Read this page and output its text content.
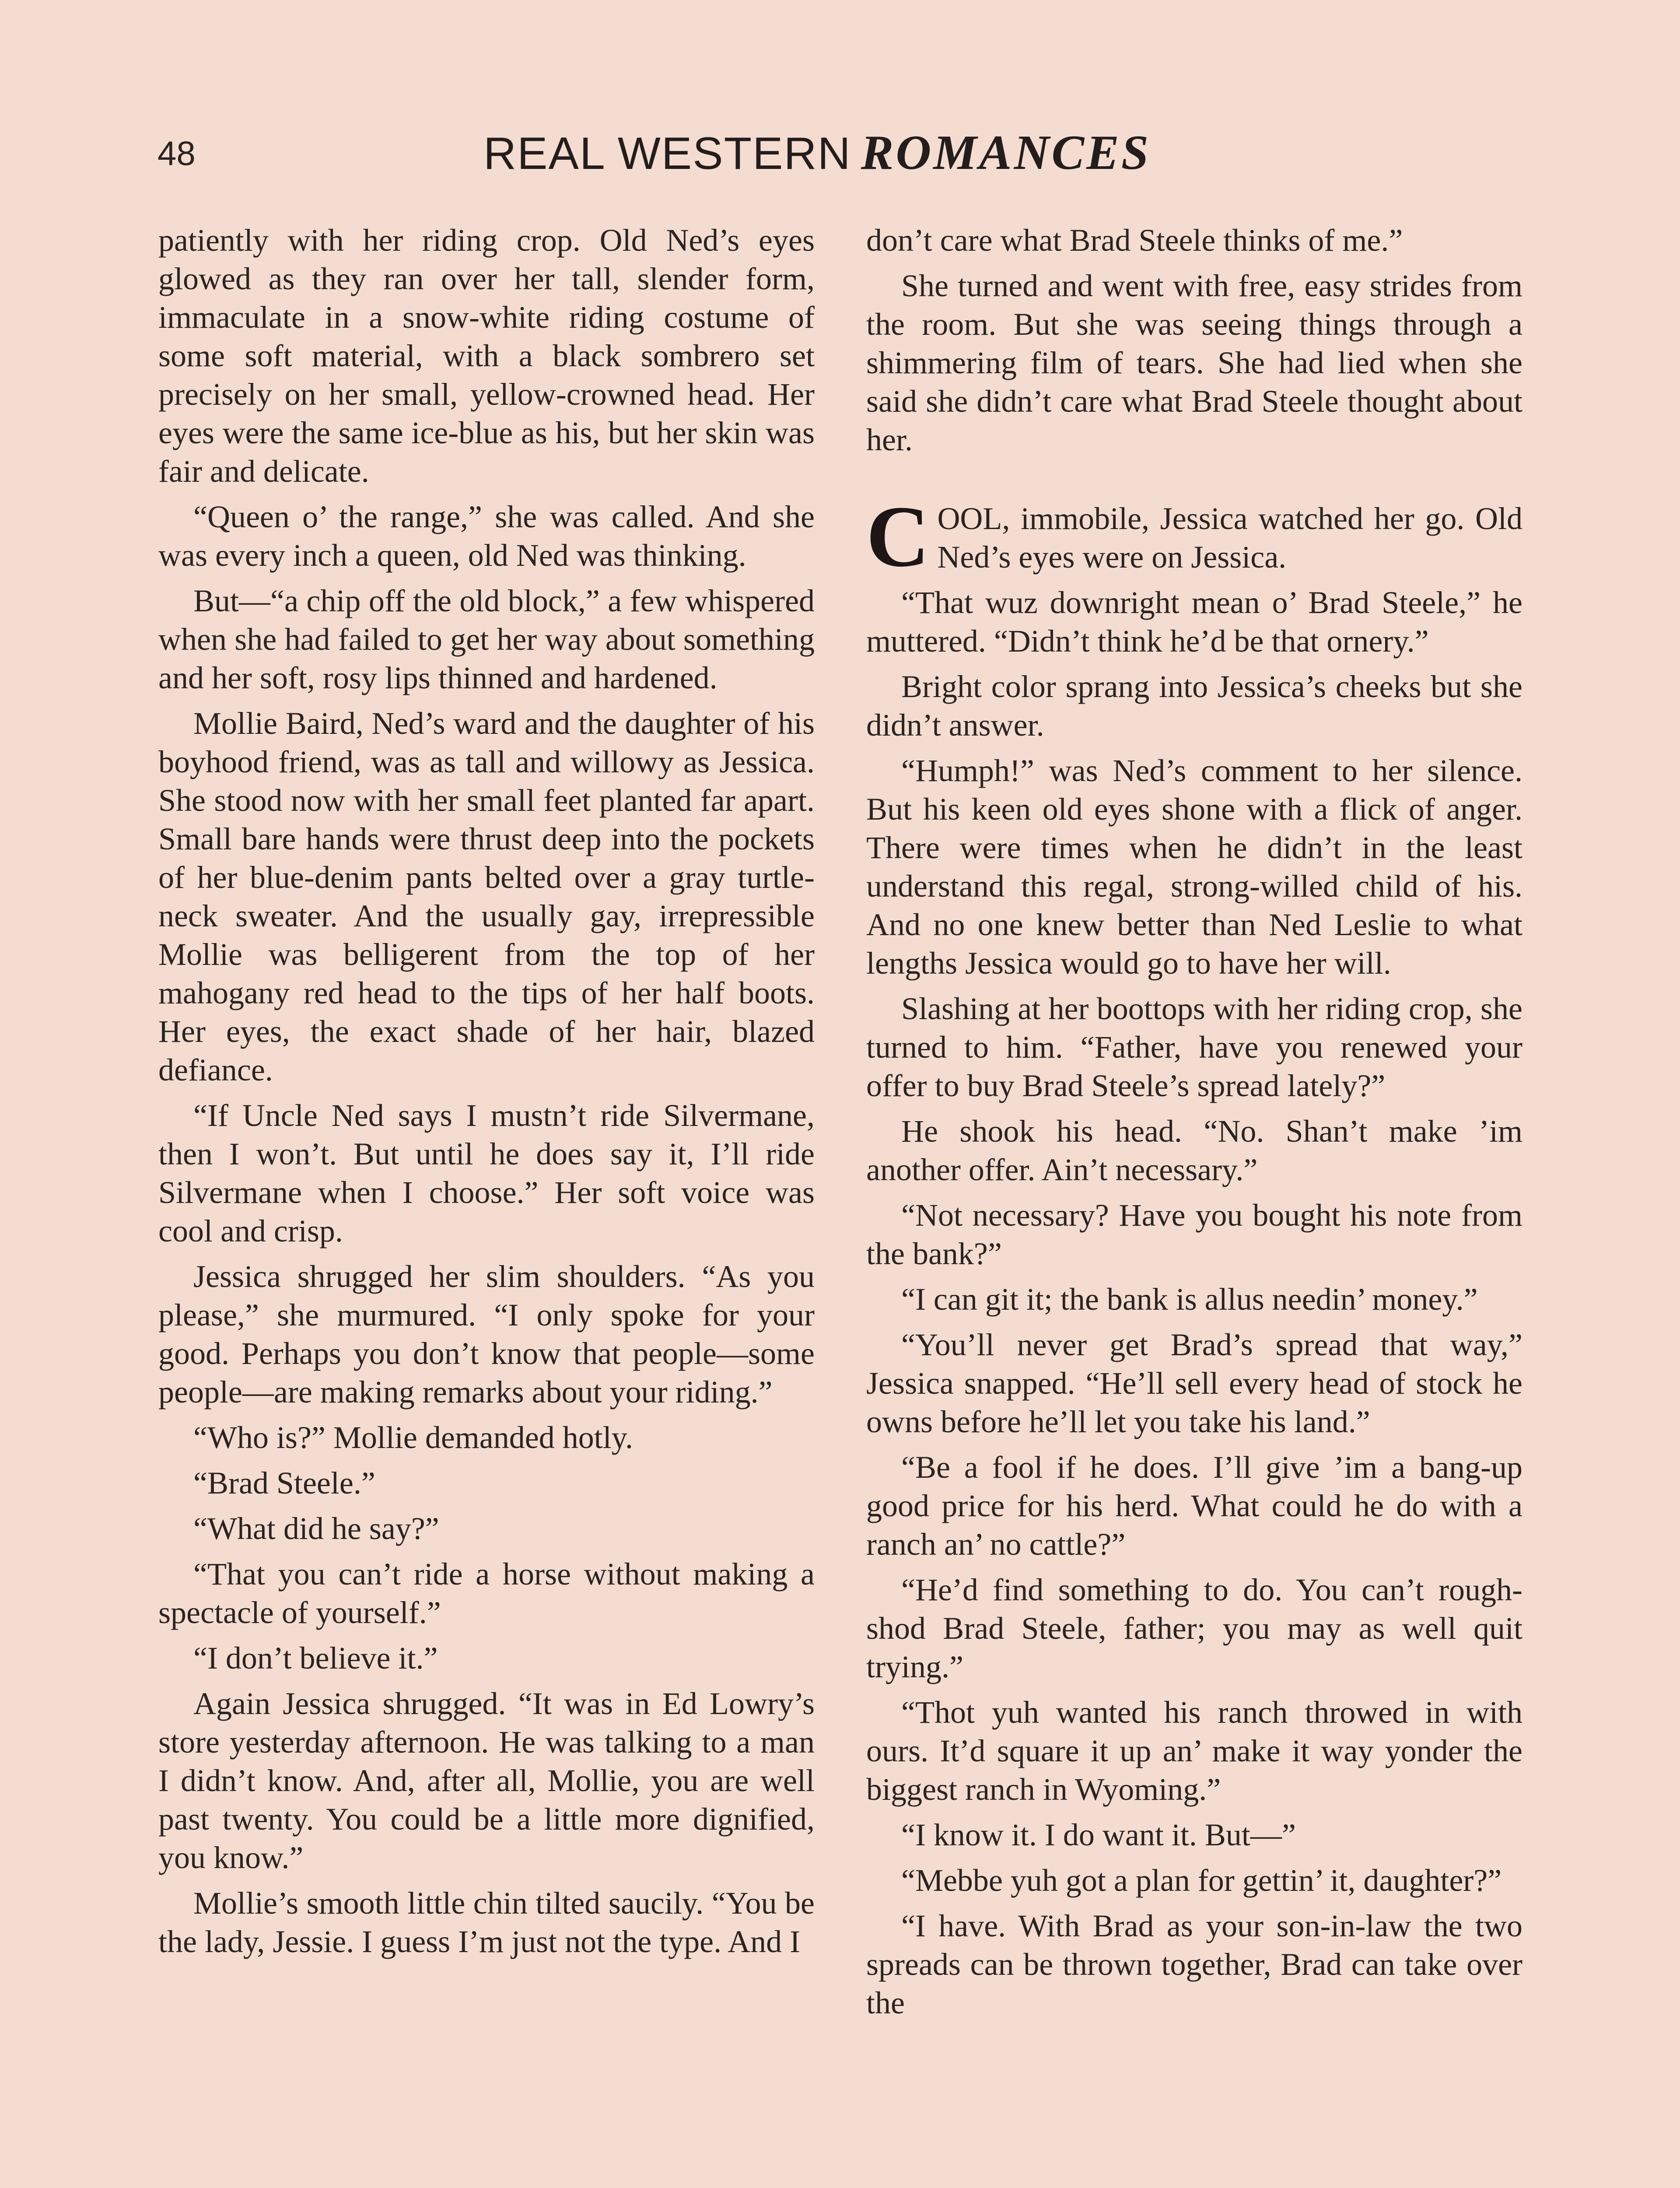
48	REAL WESTERN ROMANCES

patiently with her riding crop. Old Ned’s eyes glowed as they ran over her tall, slender form, immaculate in a snow-white riding costume of some soft material, with a black sombrero set precisely on her small, yellow-crowned head. Her eyes were the same ice-blue as his, but her skin was fair and delicate.

“Queen o’ the range,” she was called. And she was every inch a queen, old Ned was thinking.

But—“a chip off the old block,” a few whispered when she had failed to get her way about something and her soft, rosy lips thinned and hardened.

Mollie Baird, Ned’s ward and the daughter of his boyhood friend, was as tall and willowy as Jessica. She stood now with her small feet planted far apart. Small bare hands were thrust deep into the pockets of her blue-denim pants belted over a gray turtle-neck sweater. And the usually gay, irrepressible Mollie was belligerent from the top of her mahogany red head to the tips of her half boots. Her eyes, the exact shade of her hair, blazed defiance.

“If Uncle Ned says I mustn’t ride Silvermane, then I won’t. But until he does say it, I’ll ride Silvermane when I choose.” Her soft voice was cool and crisp.

Jessica shrugged her slim shoulders. “As you please,” she murmured. “I only spoke for your good. Perhaps you don’t know that people—some people—are making remarks about your riding.”

“Who is?” Mollie demanded hotly.

“Brad Steele.”

“What did he say?”

“That you can’t ride a horse without making a spectacle of yourself.”

“I don’t believe it.”

Again Jessica shrugged. “It was in Ed Lowry’s store yesterday afternoon. He was talking to a man I didn’t know. And, after all, Mollie, you are well past twenty. You could be a little more dignified, you know.”

Mollie’s smooth little chin tilted saucily. “You be the lady, Jessie. I guess I’m just not the type. And I

don’t care what Brad Steele thinks of me.”

She turned and went with free, easy strides from the room. But she was seeing things through a shimmering film of tears. She had lied when she said she didn’t care what Brad Steele thought about her.

COOL, immobile, Jessica watched her go. Old Ned’s eyes were on Jessica.

“That wuz downright mean o’ Brad Steele,” he muttered. “Didn’t think he’d be that ornery.”

Bright color sprang into Jessica’s cheeks but she didn’t answer.

“Humph!” was Ned’s comment to her silence. But his keen old eyes shone with a flick of anger. There were times when he didn’t in the least understand this regal, strong-willed child of his. And no one knew better than Ned Leslie to what lengths Jessica would go to have her will.

Slashing at her boottops with her riding crop, she turned to him. “Father, have you renewed your offer to buy Brad Steele’s spread lately?”

He shook his head. “No. Shan’t make ’im another offer. Ain’t necessary.”

“Not necessary? Have you bought his note from the bank?”

“I can git it; the bank is allus needin’ money.”

“You’ll never get Brad’s spread that way,” Jessica snapped. “He’ll sell every head of stock he owns before he’ll let you take his land.”

“Be a fool if he does. I’ll give ’im a bang-up good price for his herd. What could he do with a ranch an’ no cattle?”

“He’d find something to do. You can’t rough-shod Brad Steele, father; you may as well quit trying.”

“Thot yuh wanted his ranch throwed in with ours. It’d square it up an’ make it way yonder the biggest ranch in Wyoming.”

“I know it. I do want it. But—”

“Mebbe yuh got a plan for gettin’ it, daughter?”

“I have. With Brad as your son-in-law the two spreads can be thrown together, Brad can take over the
